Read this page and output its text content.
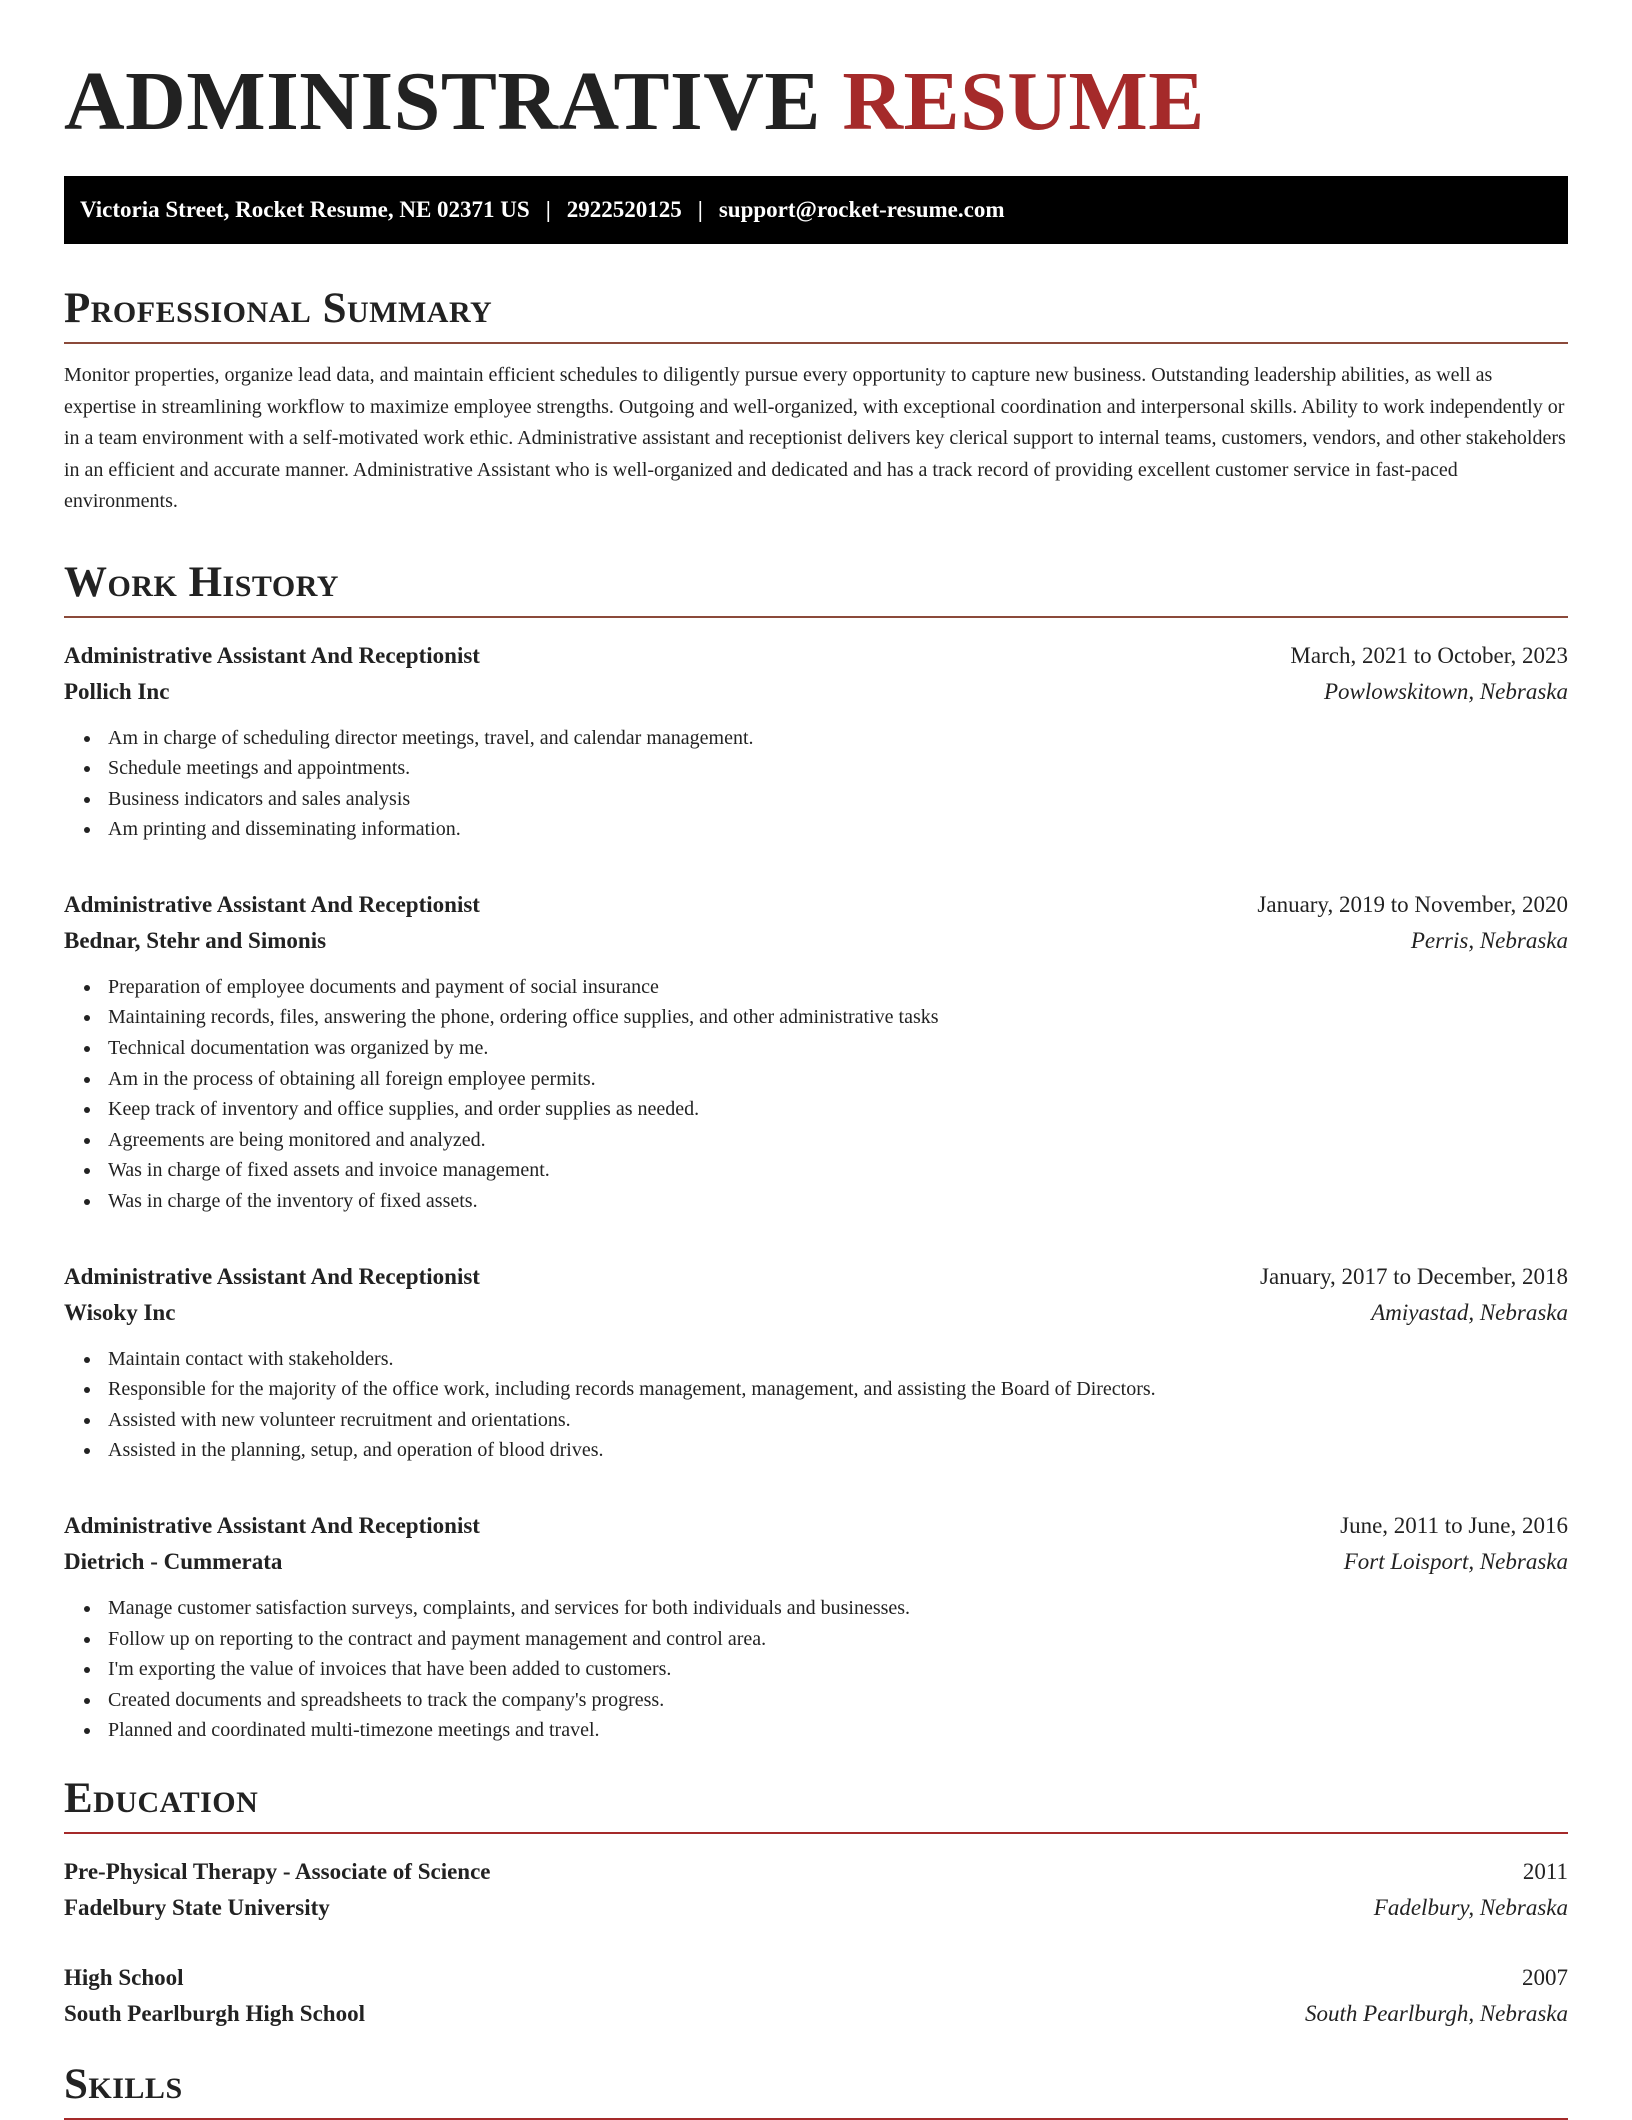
ADMINISTRATIVE RESUME
Victoria Street, Rocket Resume, NE 02371 US | 2922520125 | support@rocket-resume.com
Professional Summary

Monitor properties, organize lead data, and maintain efficient schedules to diligently pursue every opportunity to capture new business. Outstanding leadership abilities, as well as expertise in streamlining workflow to maximize employee strengths. Outgoing and well-organized, with exceptional coordination and interpersonal skills. Ability to work independently or in a team environment with a self-motivated work ethic. Administrative assistant and receptionist delivers key clerical support to internal teams, customers, vendors, and other stakeholders in an efficient and accurate manner. Administrative Assistant who is well-organized and dedicated and has a track record of providing excellent customer service in fast-paced environments.

Work History
Administrative Assistant And Receptionist	March, 2021 to October, 2023
Pollich Inc	Powlowskitown, Nebraska
Am in charge of scheduling director meetings, travel, and calendar management.
Schedule meetings and appointments.
Business indicators and sales analysis
Am printing and disseminating information.
Administrative Assistant And Receptionist	January, 2019 to November, 2020
Bednar, Stehr and Simonis	Perris, Nebraska
Preparation of employee documents and payment of social insurance
Maintaining records, files, answering the phone, ordering office supplies, and other administrative tasks
Technical documentation was organized by me.
Am in the process of obtaining all foreign employee permits.
Keep track of inventory and office supplies, and order supplies as needed.
Agreements are being monitored and analyzed.
Was in charge of fixed assets and invoice management.
Was in charge of the inventory of fixed assets.
Administrative Assistant And Receptionist	January, 2017 to December, 2018
Wisoky Inc	Amiyastad, Nebraska
Maintain contact with stakeholders.
Responsible for the majority of the office work, including records management, management, and assisting the Board of Directors.
Assisted with new volunteer recruitment and orientations.
Assisted in the planning, setup, and operation of blood drives.
Administrative Assistant And Receptionist	June, 2011 to June, 2016
Dietrich - Cummerata	Fort Loisport, Nebraska
Manage customer satisfaction surveys, complaints, and services for both individuals and businesses.
Follow up on reporting to the contract and payment management and control area.
I'm exporting the value of invoices that have been added to customers.
Created documents and spreadsheets to track the company's progress.
Planned and coordinated multi-timezone meetings and travel.
Education
Pre-Physical Therapy - Associate of Science	2011
Fadelbury State University	Fadelbury, Nebraska
High School	2007
South Pearlburgh High School	South Pearlburgh, Nebraska
Skills
